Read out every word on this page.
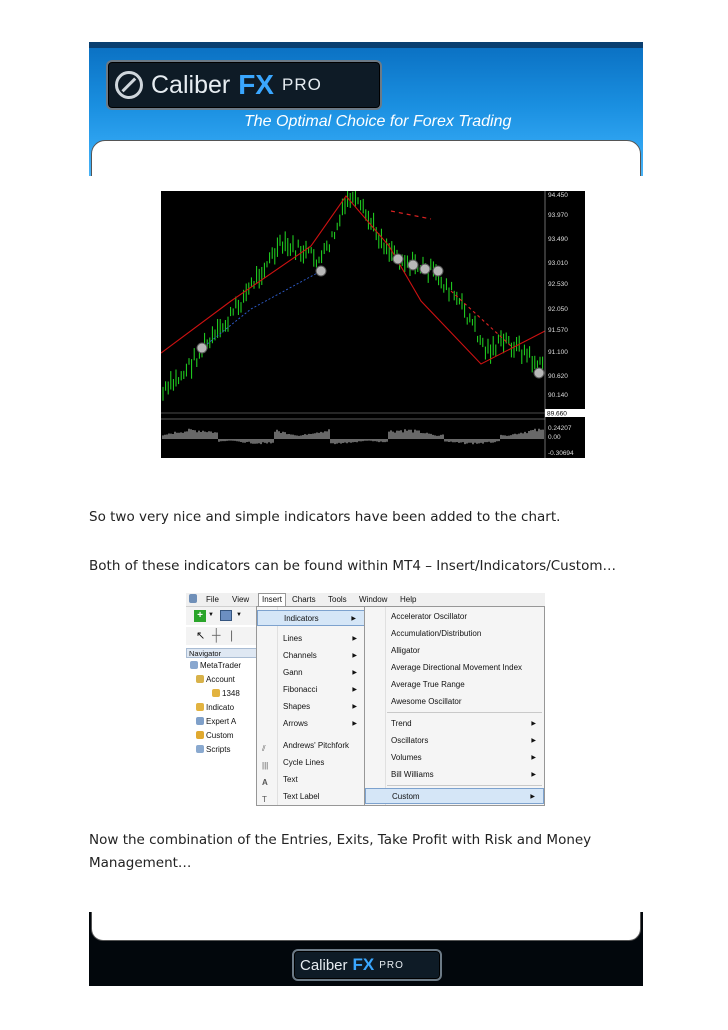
Caliber FX PRO
The Optimal Choice for Forex Trading
94.450
93.970
93.490
93.010
92.530
92.050
91.570
91.100
90.620
90.140
0.24207
0.00
-0.30694
89.660
So two very nice and simple indicators have been added to the chart.
Both of these indicators can be found within MT4 – Insert/Indicators/Custom…
File View	Insert	Charts Tools Window Help
+ ▼	▼
↖ ┼ |
Navigator
MetaTrader
Account
1348
Indicato
Expert A
Custom
Scripts
Indicators	▶
Lines	▶
Channels	▶
Gann	▶
Fibonacci	▶
Shapes	▶
Arrows	▶
⫽ Andrews' Pitchfork
||| Cycle Lines
A Text
T Text Label
Accelerator Oscillator
Accumulation/Distribution
Alligator
Average Directional Movement Index
Average True Range
Awesome Oscillator
Trend	▶
Oscillators	▶
Volumes	▶
Bill Williams	▶
Custom	▶
Now the combination of the Entries, Exits, Take Profit with Risk and Money
Management…
Caliber FX PRO
